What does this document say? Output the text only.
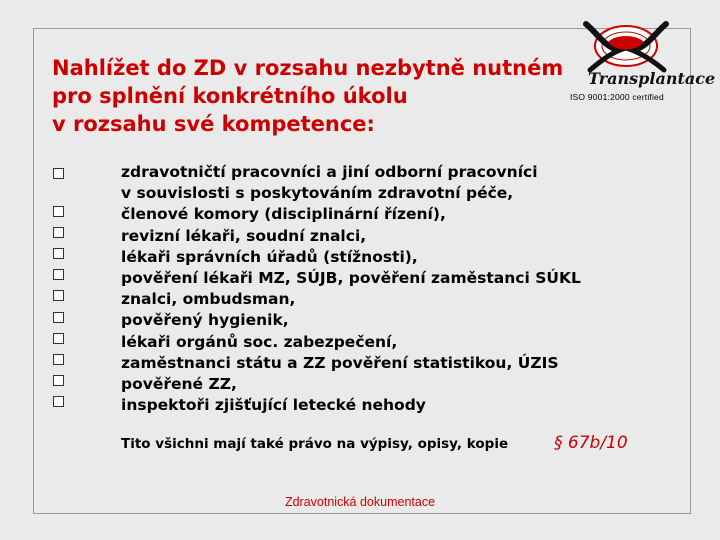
Nahlížet do ZD v rozsahu nezbytně nutném
pro splnění konkrétního úkolu
v rozsahu své kompetence:
Transplantace
ISO 9001:2000 certified
zdravotničtí pracovníci a jiní odborní pracovníci
v souvislosti s poskytováním zdravotní péče,
členové komory (disciplinární řízení),
revizní lékaři, soudní znalci,
lékaři správních úřadů (stížnosti),
pověření lékaři MZ, SÚJB, pověření zaměstanci SÚKL
znalci, ombudsman,
pověřený hygienik,
lékaři orgánů soc. zabezpečení,
zaměstnanci státu a ZZ pověření statistikou, ÚZIS
pověřené ZZ,
inspektoři zjišťující letecké nehody
Tito všichni mají také právo na výpisy, opisy, kopie	§ 67b/10
Zdravotnická dokumentace
